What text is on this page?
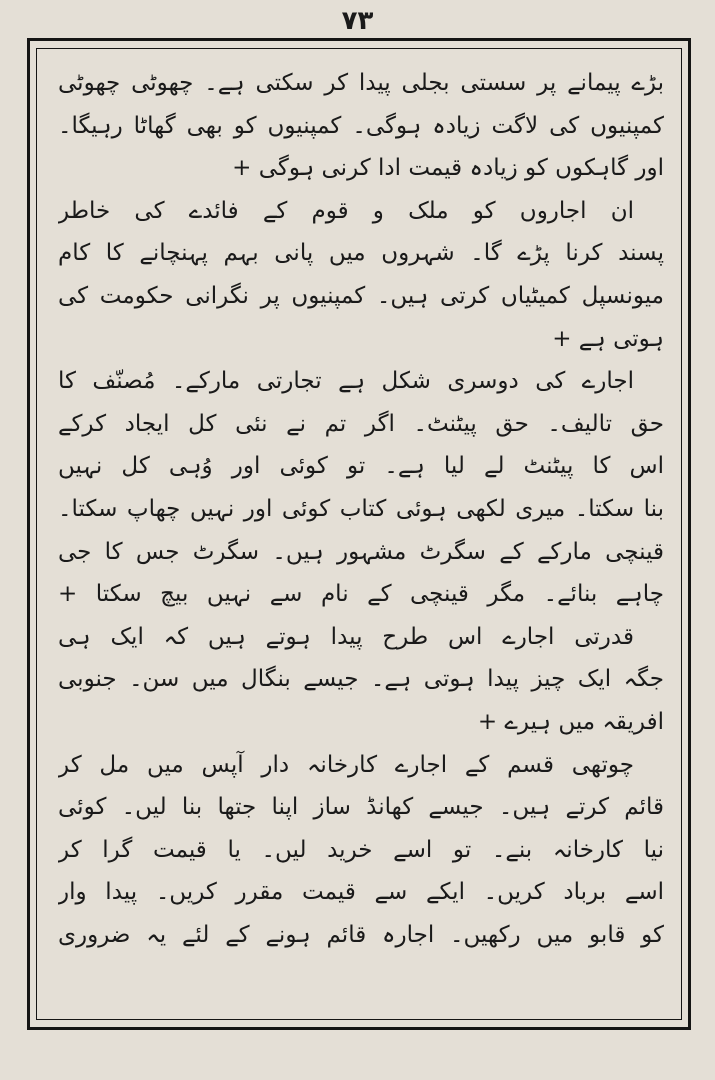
۷۳
بڑے پیمانے پر سستی بجلی پیدا کر سکتی ہے۔ چھوٹی چھوٹی
کمپنیوں کی لاگت زیادہ ہوگی۔ کمپنیوں کو بھی گھاٹا رہیگا۔
اور گاہکوں کو زیادہ قیمت ادا کرنی ہوگی +
ان اجاروں کو ملک و قوم کے فائدے کی خاطر
پسند کرنا پڑے گا۔ شہروں میں پانی بہم پہنچانے کا کام
میونسپل کمیٹیاں کرتی ہیں۔ کمپنیوں پر نگرانی حکومت کی
ہوتی ہے +
اجارے کی دوسری شکل ہے تجارتی مارکے۔ مُصنّف کا
حق تالیف۔ حق پیٹنٹ۔ اگر تم نے نئی کل ایجاد کرکے
اس کا پیٹنٹ لے لیا ہے۔ تو کوئی اور وُہی کل نہیں
بنا سکتا۔ میری لکھی ہوئی کتاب کوئی اور نہیں چھاپ سکتا۔
قینچی مارکے کے سگرٹ مشہور ہیں۔ سگرٹ جس کا جی
چاہے بنائے۔ مگر قینچی کے نام سے نہیں بیچ سکتا +
قدرتی اجارے اس طرح پیدا ہوتے ہیں کہ ایک ہی
جگہ ایک چیز پیدا ہوتی ہے۔ جیسے بنگال میں سن۔ جنوبی
افریقہ میں ہیرے +
چوتھی قسم کے اجارے کارخانہ دار آپس میں مل کر
قائم کرتے ہیں۔ جیسے کھانڈ ساز اپنا جتھا بنا لیں۔ کوئی
نیا کارخانہ بنے۔ تو اسے خرید لیں۔ یا قیمت گرا کر
اسے برباد کریں۔ ایکے سے قیمت مقرر کریں۔ پیدا وار
کو قابو میں رکھیں۔ اجارہ قائم ہونے کے لئے یہ ضروری
